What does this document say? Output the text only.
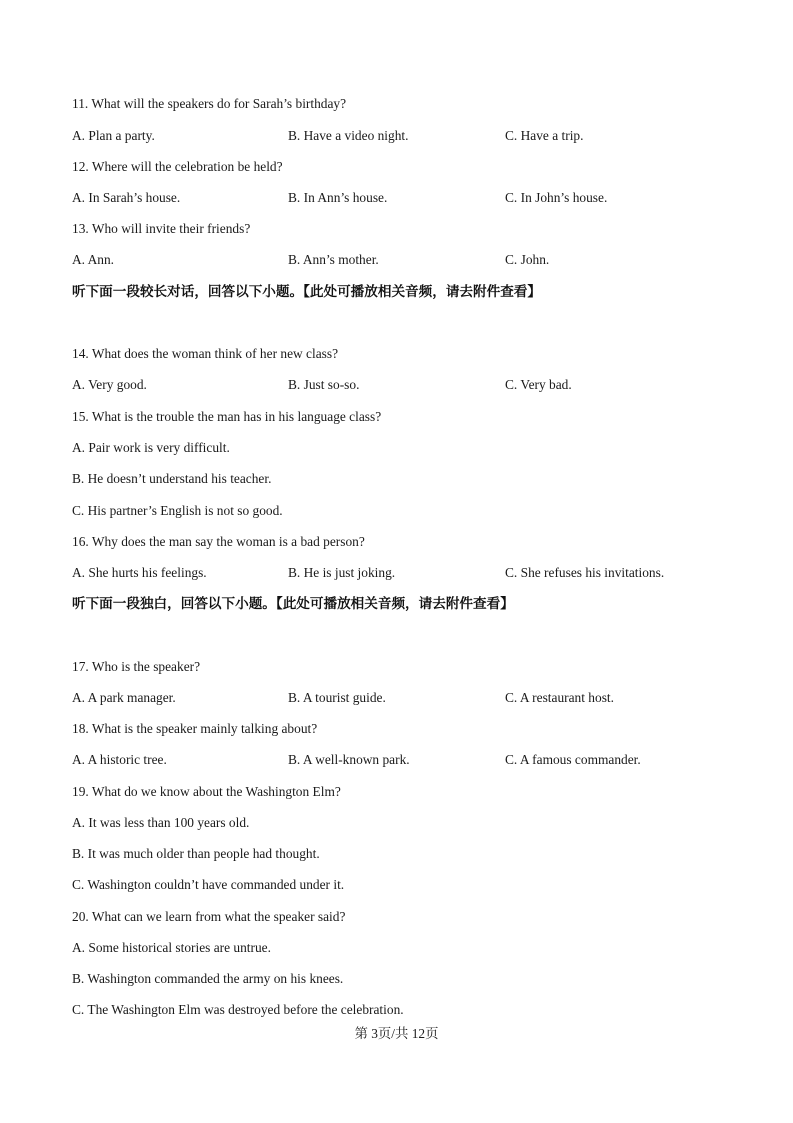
11. What will the speakers do for Sarah’s birthday?
A. Plan a party.	B. Have a video night.	C. Have a trip.
12. Where will the celebration be held?
A. In Sarah’s house.	B. In Ann’s house.	C. In John’s house.
13. Who will invite their friends?
A. Ann.	B. Ann’s mother.	C. John.
听下面一段较长对话，回答以下小题。【此处可播放相关音频，请去附件查看】
14. What does the woman think of her new class?
A. Very good.	B. Just so-so.	C. Very bad.
15. What is the trouble the man has in his language class?
A. Pair work is very difficult.
B. He doesn’t understand his teacher.
C. His partner’s English is not so good.
16. Why does the man say the woman is a bad person?
A. She hurts his feelings.	B. He is just joking.	C. She refuses his invitations.
听下面一段独白，回答以下小题。【此处可播放相关音频，请去附件查看】
17. Who is the speaker?
A. A park manager.	B. A tourist guide.	C. A restaurant host.
18. What is the speaker mainly talking about?
A. A historic tree.	B. A well-known park.	C. A famous commander.
19. What do we know about the Washington Elm?
A. It was less than 100 years old.
B. It was much older than people had thought.
C. Washington couldn’t have commanded under it.
20. What can we learn from what the speaker said?
A. Some historical stories are untrue.
B. Washington commanded the army on his knees.
C. The Washington Elm was destroyed before the celebration.
第 3页/共 12页
